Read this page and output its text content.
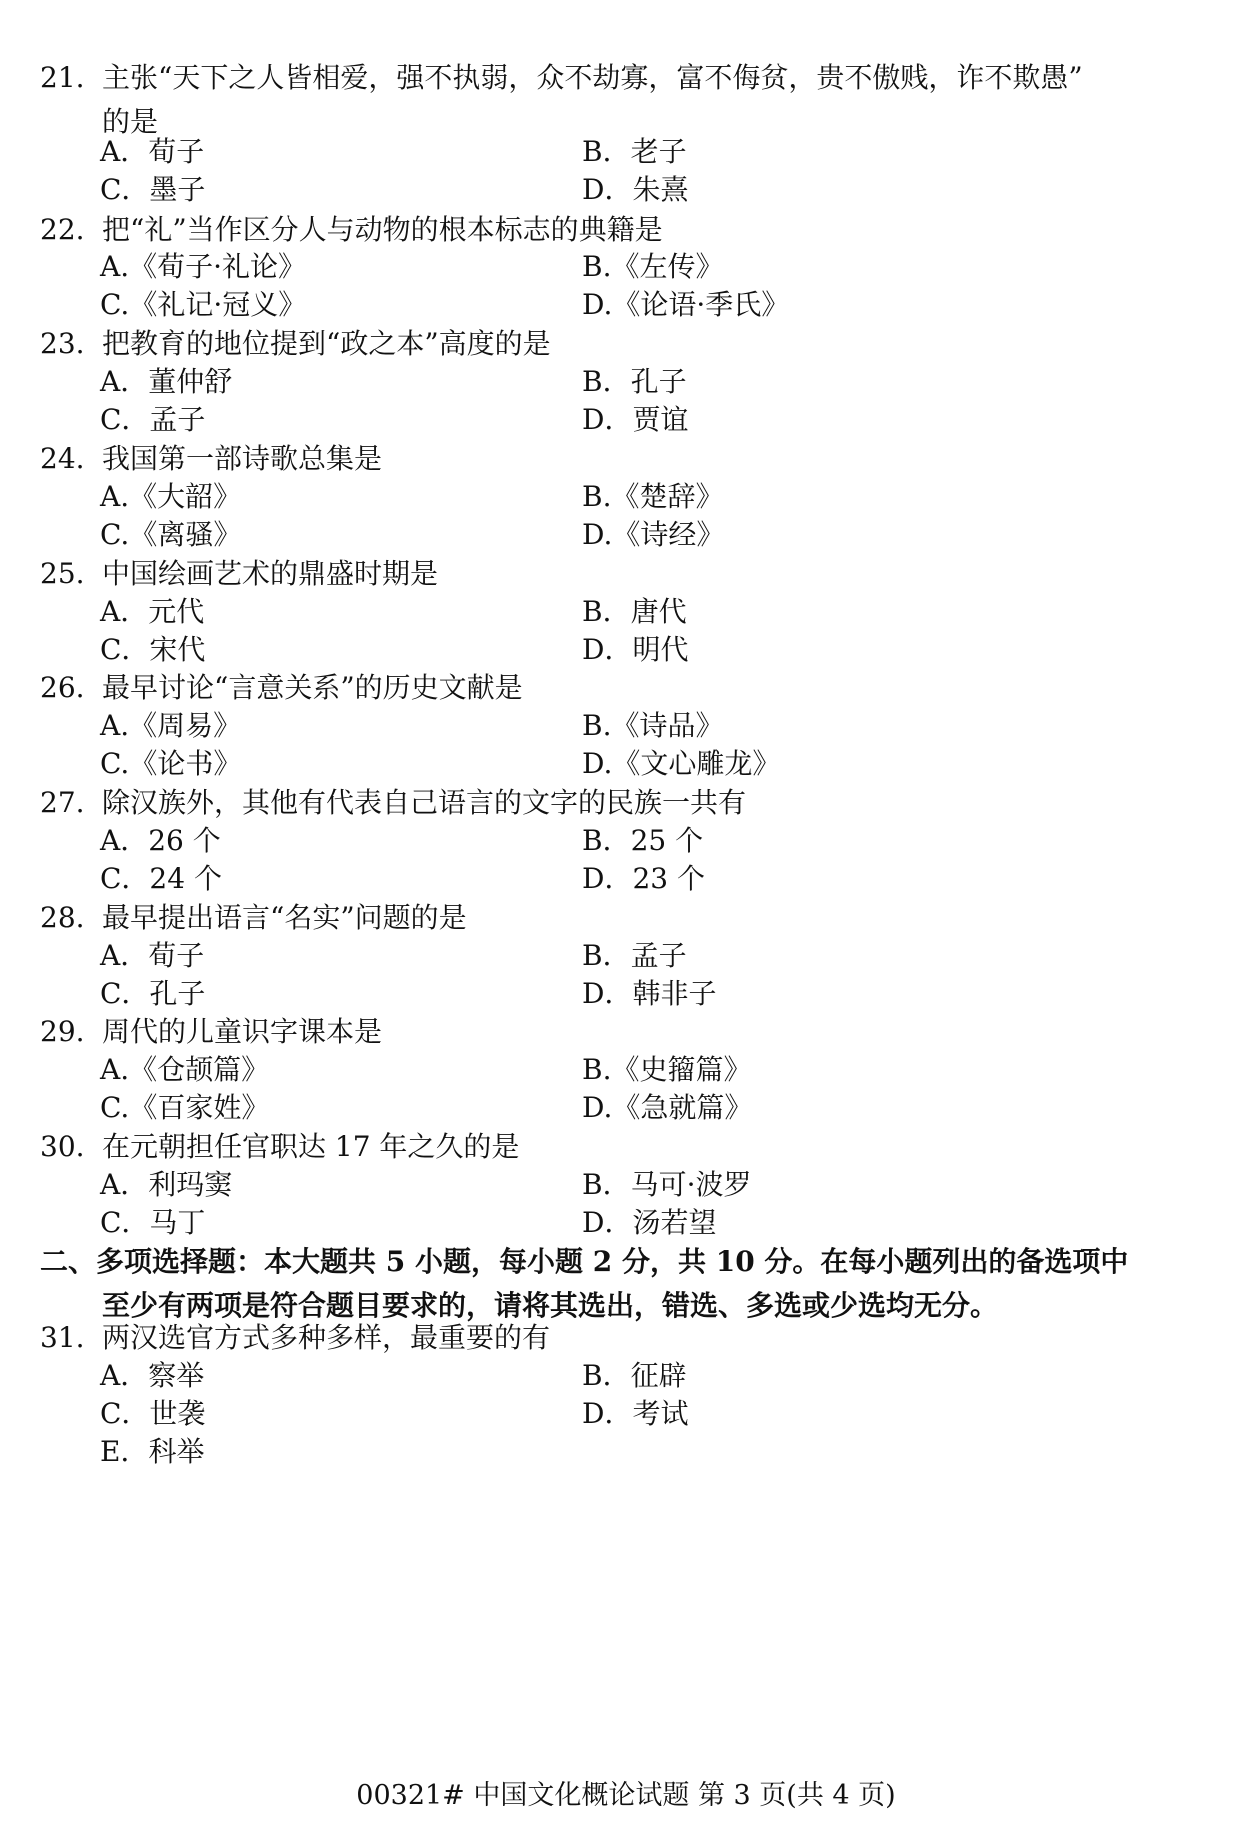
21. 主张“天下之人皆相爱，强不执弱，众不劫寡，富不侮贫，贵不傲贱，诈不欺愚”
的是
A．荀子	B．老子
C．墨子	D．朱熹
22. 把“礼”当作区分人与动物的根本标志的典籍是
A.《荀子·礼论》	B.《左传》
C.《礼记·冠义》	D.《论语·季氏》
23. 把教育的地位提到“政之本”高度的是
A．董仲舒	B．孔子
C．孟子	D．贾谊
24. 我国第一部诗歌总集是
A.《大韶》	B.《楚辞》
C.《离骚》	D.《诗经》
25. 中国绘画艺术的鼎盛时期是
A．元代	B．唐代
C．宋代	D．明代
26. 最早讨论“言意关系”的历史文献是
A.《周易》	B.《诗品》
C.《论书》	D.《文心雕龙》
27. 除汉族外，其他有代表自己语言的文字的民族一共有
A．26 个	B．25 个
C．24 个	D．23 个
28. 最早提出语言“名实”问题的是
A．荀子	B．孟子
C．孔子	D．韩非子
29. 周代的儿童识字课本是
A.《仓颉篇》	B.《史籀篇》
C.《百家姓》	D.《急就篇》
30. 在元朝担任官职达 17 年之久的是
A．利玛窦	B．马可·波罗
C．马丁	D．汤若望
二、多项选择题：本大题共 5 小题，每小题 2 分，共 10 分。在每小题列出的备选项中
至少有两项是符合题目要求的，请将其选出，错选、多选或少选均无分。
31. 两汉选官方式多种多样，最重要的有
A．察举	B．征辟
C．世袭	D．考试
E．科举
00321# 中国文化概论试题 第 3 页(共 4 页)
